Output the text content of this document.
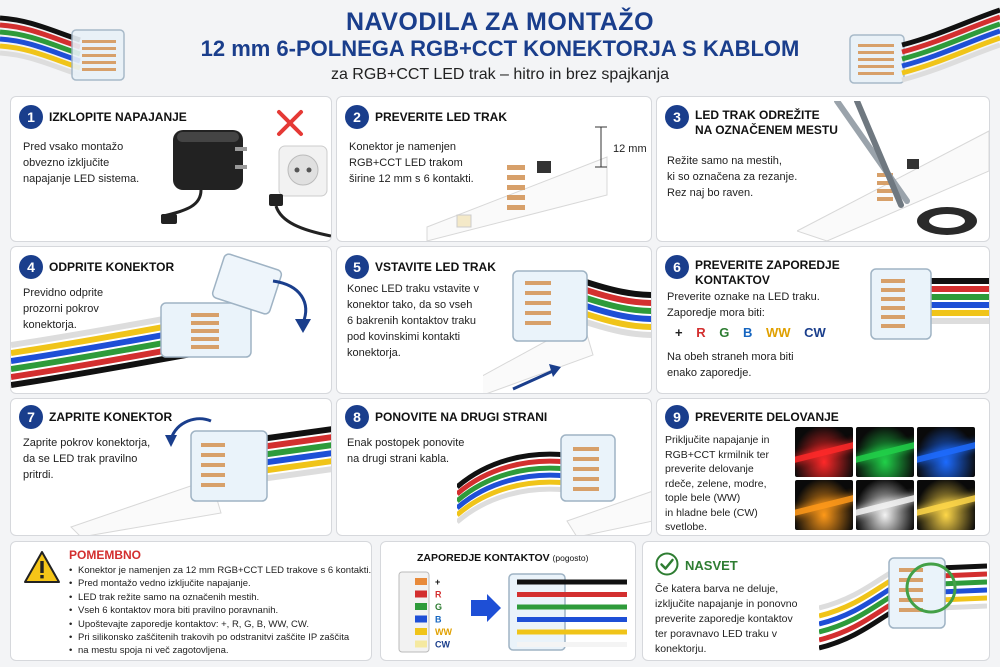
NAVODILA ZA MONTAŽO
12 mm 6-POLNEGA RGB+CCT KONEKTORJA S KABLOM
za RGB+CCT LED trak – hitro in brez spajkanja
1	IZKLOPITE NAPAJANJE
Pred vsako montažo
obvezno izklјučite
napajanje LED sistema.
2	PREVERITE LED TRAK
Konektor je namenjen
RGB+CCT LED trakom
širine 12 mm s 6 kontakti.
12 mm
3	LED TRAK ODREŽITE
NA OZNAČENEM MESTU
Režite samo na mestih,
ki so označena za rezanje.
Rez naj bo raven.
4	ODPRITE KONEKTOR
Previdno odprite
prozorni pokrov
konektorja.
5	VSTAVITE LED TRAK
Konec LED traku vstavite v
konektor tako, da so vseh
6 bakrenih kontaktov traku
pod kovinskimi kontakti
konektorja.
6	PREVERITE ZAPOREDJE
KONTAKTOV
Preverite oznake na LED traku.
Zaporedje mora biti:
+ R G B WW CW
Na obeh straneh mora biti
enako zaporedje.
7	ZAPRITE KONEKTOR
Zaprite pokrov konektorja,
da se LED trak pravilno
pritrdi.
8	PONOVITE NA DRUGI STRANI
Enak postopek ponovite
na drugi strani kabla.
9	PREVERITE DELOVANJE
Priključite napajanje in
RGB+CCT krmilnik ter
preverite delovanje
rdeče, zelene, modre,
tople bele (WW)
in hladne bele (CW)
svetlobe.
POMEMBNO
• Konektor je namenjen za 12 mm RGB+CCT LED trakove s 6 kontakti.
• Pred montažo vedno izklјučite napajanje.
• LED trak režite samo na označenih mestih.
• Vseh 6 kontaktov mora biti pravilno poravnanih.
• Upoštevajte zaporedje kontaktov: +, R, G, B, WW, CW.
• Pri silikonsko zaščitenih trakovih po odstranitvi zaščite IP zaščita
• na mestu spoja ni več zagotovljena.
ZAPOREDJE KONTAKTOV (pogosto)
+
R
G
B
WW
CW
NASVET
Če katera barva ne deluje,
izklјučite napajanje in ponovno
preverite zaporedje kontaktov
ter poravnavo LED traku v
konektorju.
